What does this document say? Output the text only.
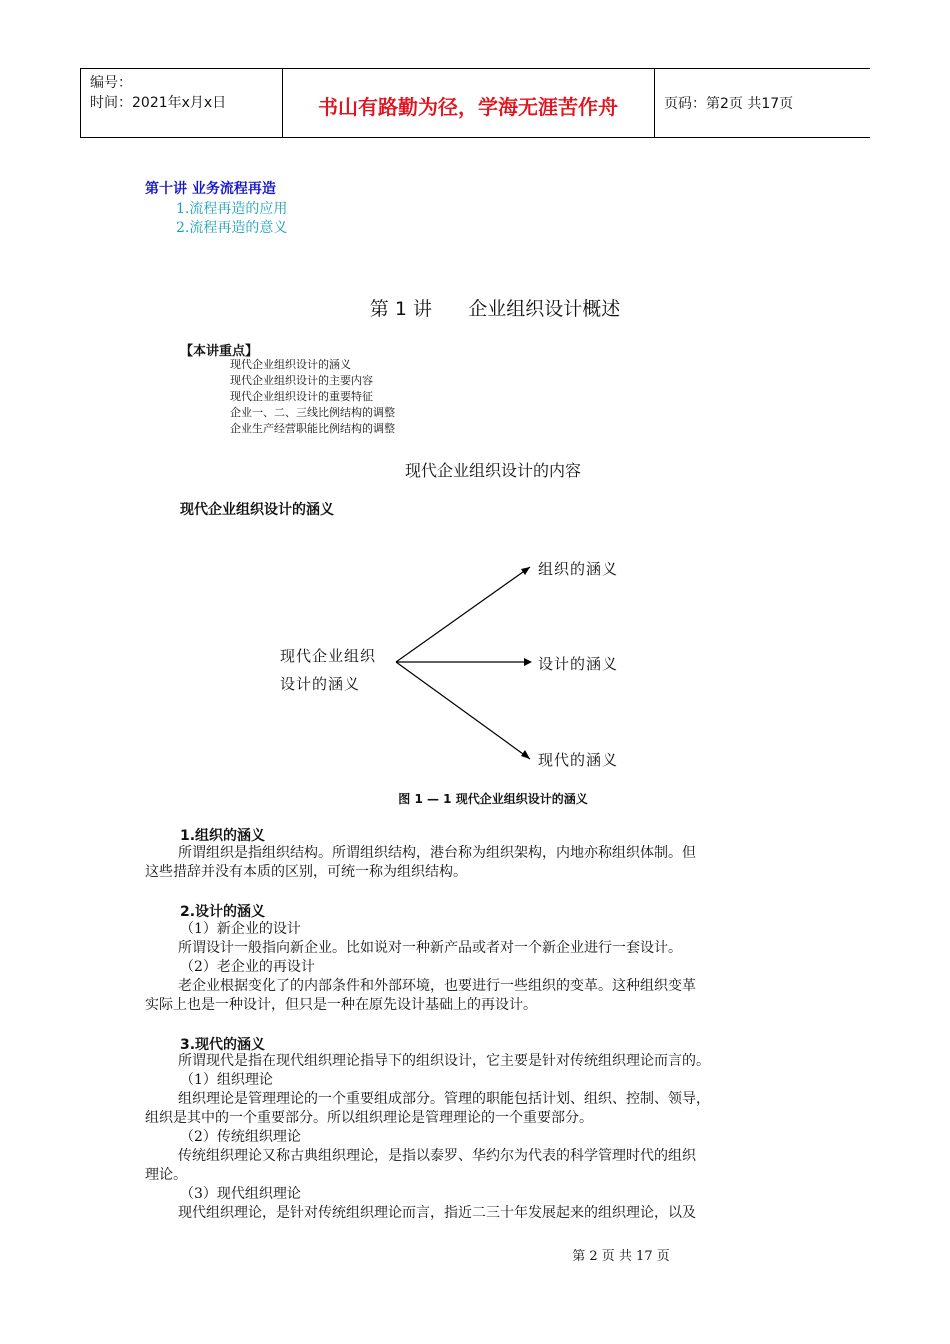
编号：
时间：2021年x月x日	书山有路勤为径，学海无涯苦作舟	页码：第2页 共17页
第十讲 业务流程再造
1.流程再造的应用
2.流程再造的意义
第 1 讲      企业组织设计概述
【本讲重点】
现代企业组织设计的涵义
现代企业组织设计的主要内容
现代企业组织设计的重要特征
企业一、二、三线比例结构的调整
企业生产经营职能比例结构的调整
现代企业组织设计的内容
现代企业组织设计的涵义
现代企业组织
设计的涵义
组织的涵义
设计的涵义
现代的涵义
图 1 — 1 现代企业组织设计的涵义
1.组织的涵义
所谓组织是指组织结构。所谓组织结构，港台称为组织架构，内地亦称组织体制。但
这些措辞并没有本质的区别，可统一称为组织结构。
2.设计的涵义
（1）新企业的设计
所谓设计一般指向新企业。比如说对一种新产品或者对一个新企业进行一套设计。
（2）老企业的再设计
老企业根据变化了的内部条件和外部环境，也要进行一些组织的变革。这种组织变革
实际上也是一种设计，但只是一种在原先设计基础上的再设计。
3.现代的涵义
所谓现代是指在现代组织理论指导下的组织设计，它主要是针对传统组织理论而言的。
（1）组织理论
组织理论是管理理论的一个重要组成部分。管理的职能包括计划、组织、控制、领导，
组织是其中的一个重要部分。所以组织理论是管理理论的一个重要部分。
（2）传统组织理论
传统组织理论又称古典组织理论，是指以泰罗、华约尔为代表的科学管理时代的组织
理论。
（3）现代组织理论
现代组织理论，是针对传统组织理论而言，指近二三十年发展起来的组织理论，以及
第 2 页 共 17 页
